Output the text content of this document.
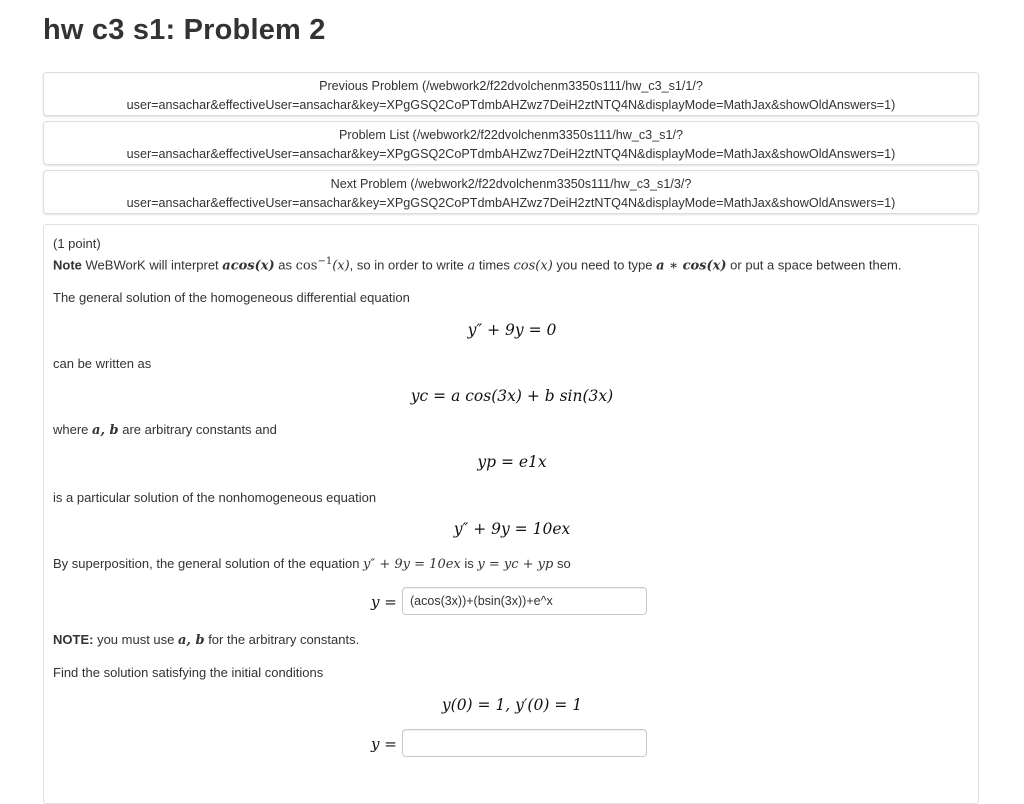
hw c3 s1: Problem 2
Previous Problem (/webwork2/f22dvolchenm3350s111/hw_c3_s1/1/?
user=ansachar&effectiveUser=ansachar&key=XPgGSQ2CoPTdmbAHZwz7DeiH2ztNTQ4N&displayMode=MathJax&showOldAnswers=1)
Problem List (/webwork2/f22dvolchenm3350s111/hw_c3_s1/?
user=ansachar&effectiveUser=ansachar&key=XPgGSQ2CoPTdmbAHZwz7DeiH2ztNTQ4N&displayMode=MathJax&showOldAnswers=1)
Next Problem (/webwork2/f22dvolchenm3350s111/hw_c3_s1/3/?
user=ansachar&effectiveUser=ansachar&key=XPgGSQ2CoPTdmbAHZwz7DeiH2ztNTQ4N&displayMode=MathJax&showOldAnswers=1)
(1 point)
Note WeBWorK will interpret acos(x) as $\cos^{-1}(x)$, so in order to write a times cos(x) you need to type a ∗ cos(x) or put a space between them.
The general solution of the homogeneous differential equation
y″ + 9y = 0
can be written as
yc = a cos(3x) + b sin(3x)
where a, b are arbitrary constants and
yp = e1x
is a particular solution of the nonhomogeneous equation
y″ + 9y = 10ex
By superposition, the general solution of the equation y″ + 9y = 10ex is y = yc + yp so
y =
(acos(3x))+(bsin(3x))+e^x
NOTE: you must use a, b for the arbitrary constants.
Find the solution satisfying the initial conditions
y(0) = 1, y′(0) = 1
y =
